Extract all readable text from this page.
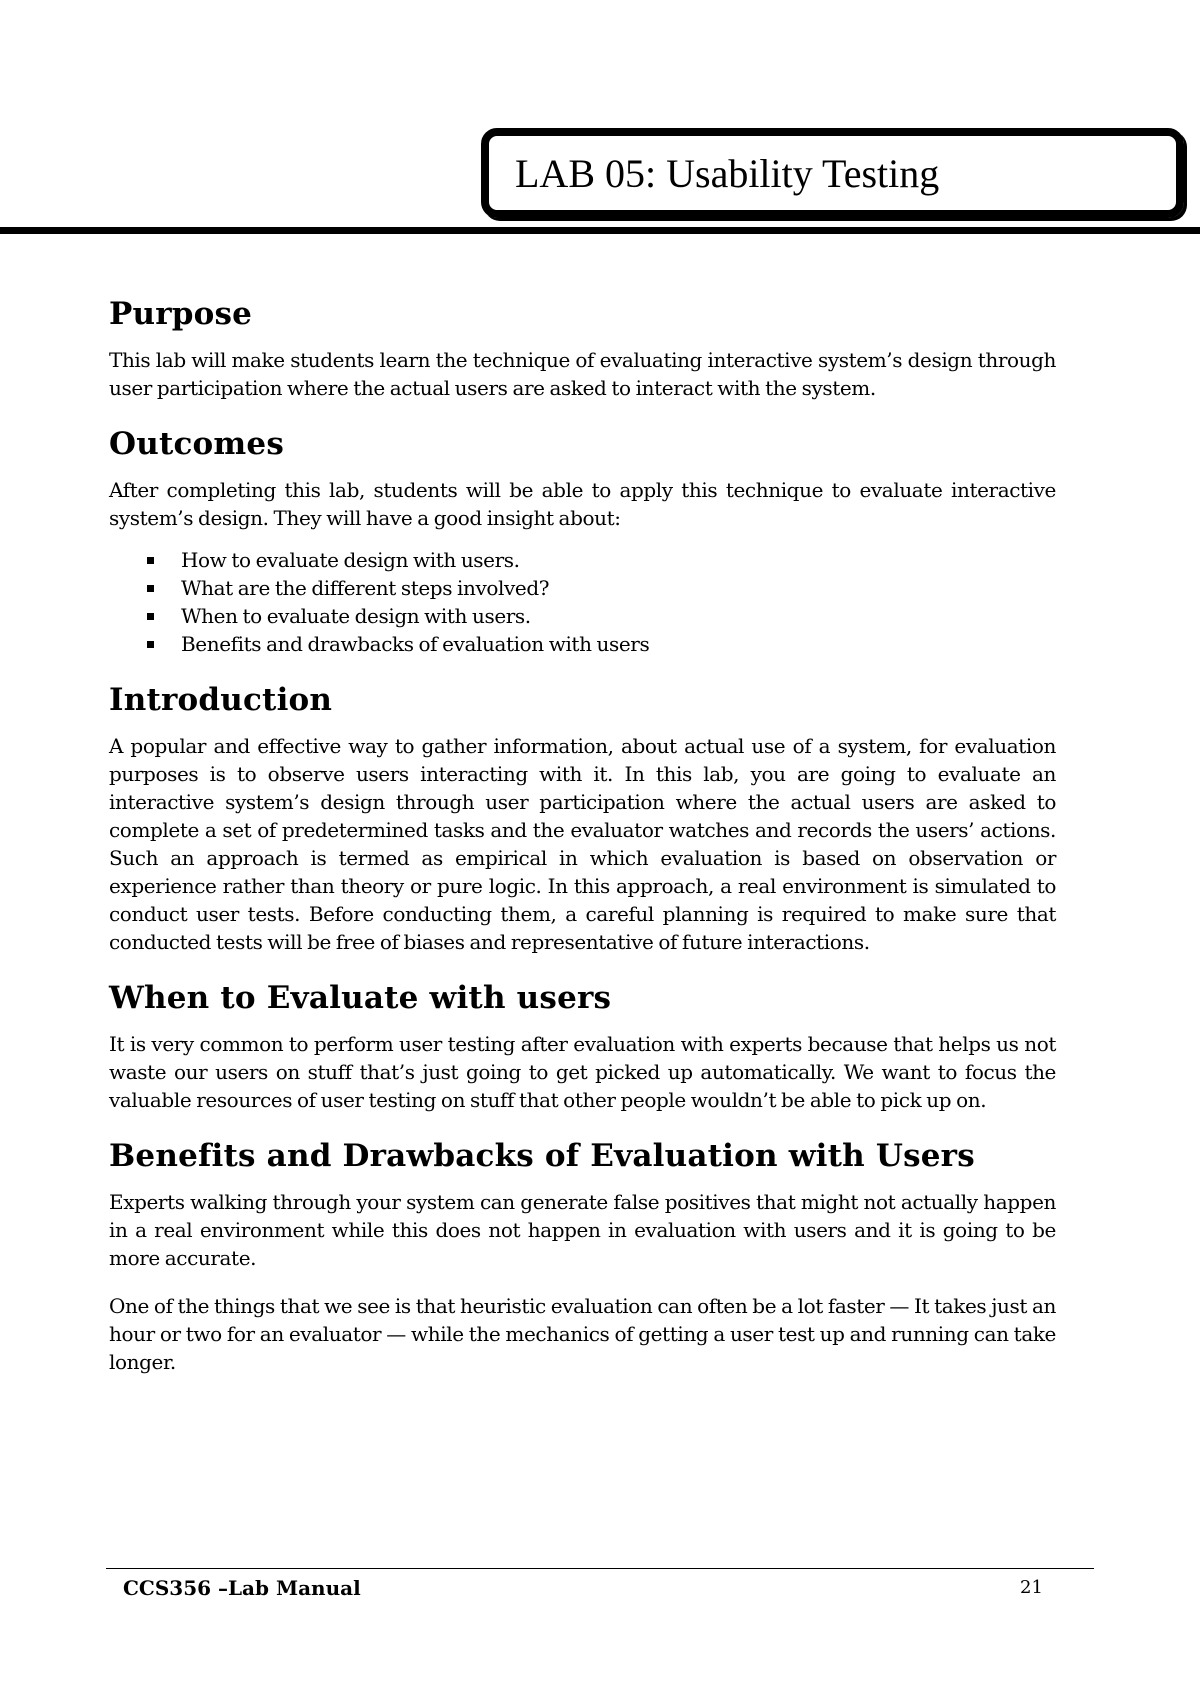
LAB 05: Usability Testing
Purpose

This lab will make students learn the technique of evaluating interactive system’s design through user participation where the actual users are asked to interact with the system.

Outcomes

After completing this lab, students will be able to apply this technique to evaluate interactive system’s design. They will have a good insight about:

How to evaluate design with users.
What are the different steps involved?
When to evaluate design with users.
Benefits and drawbacks of evaluation with users
Introduction

A popular and effective way to gather information, about actual use of a system, for evaluation purposes is to observe users interacting with it. In this lab, you are going to evaluate an interactive system’s design through user participation where the actual users are asked to complete a set of predetermined tasks and the evaluator watches and records the users’ actions. Such an approach is termed as empirical in which evaluation is based on observation or experience rather than theory or pure logic. In this approach, a real environment is simulated to conduct user tests. Before conducting them, a careful planning is required to make sure that conducted tests will be free of biases and representative of future interactions.

When to Evaluate with users

It is very common to perform user testing after evaluation with experts because that helps us not waste our users on stuff that’s just going to get picked up automatically. We want to focus the valuable resources of user testing on stuff that other people wouldn’t be able to pick up on.

Benefits and Drawbacks of Evaluation with Users

Experts walking through your system can generate false positives that might not actually happen in a real environment while this does not happen in evaluation with users and it is going to be more accurate.

One of the things that we see is that heuristic evaluation can often be a lot faster — It takes just an hour or two for an evaluator — while the mechanics of getting a user test up and running can take longer.

CCS356 –Lab Manual	21
